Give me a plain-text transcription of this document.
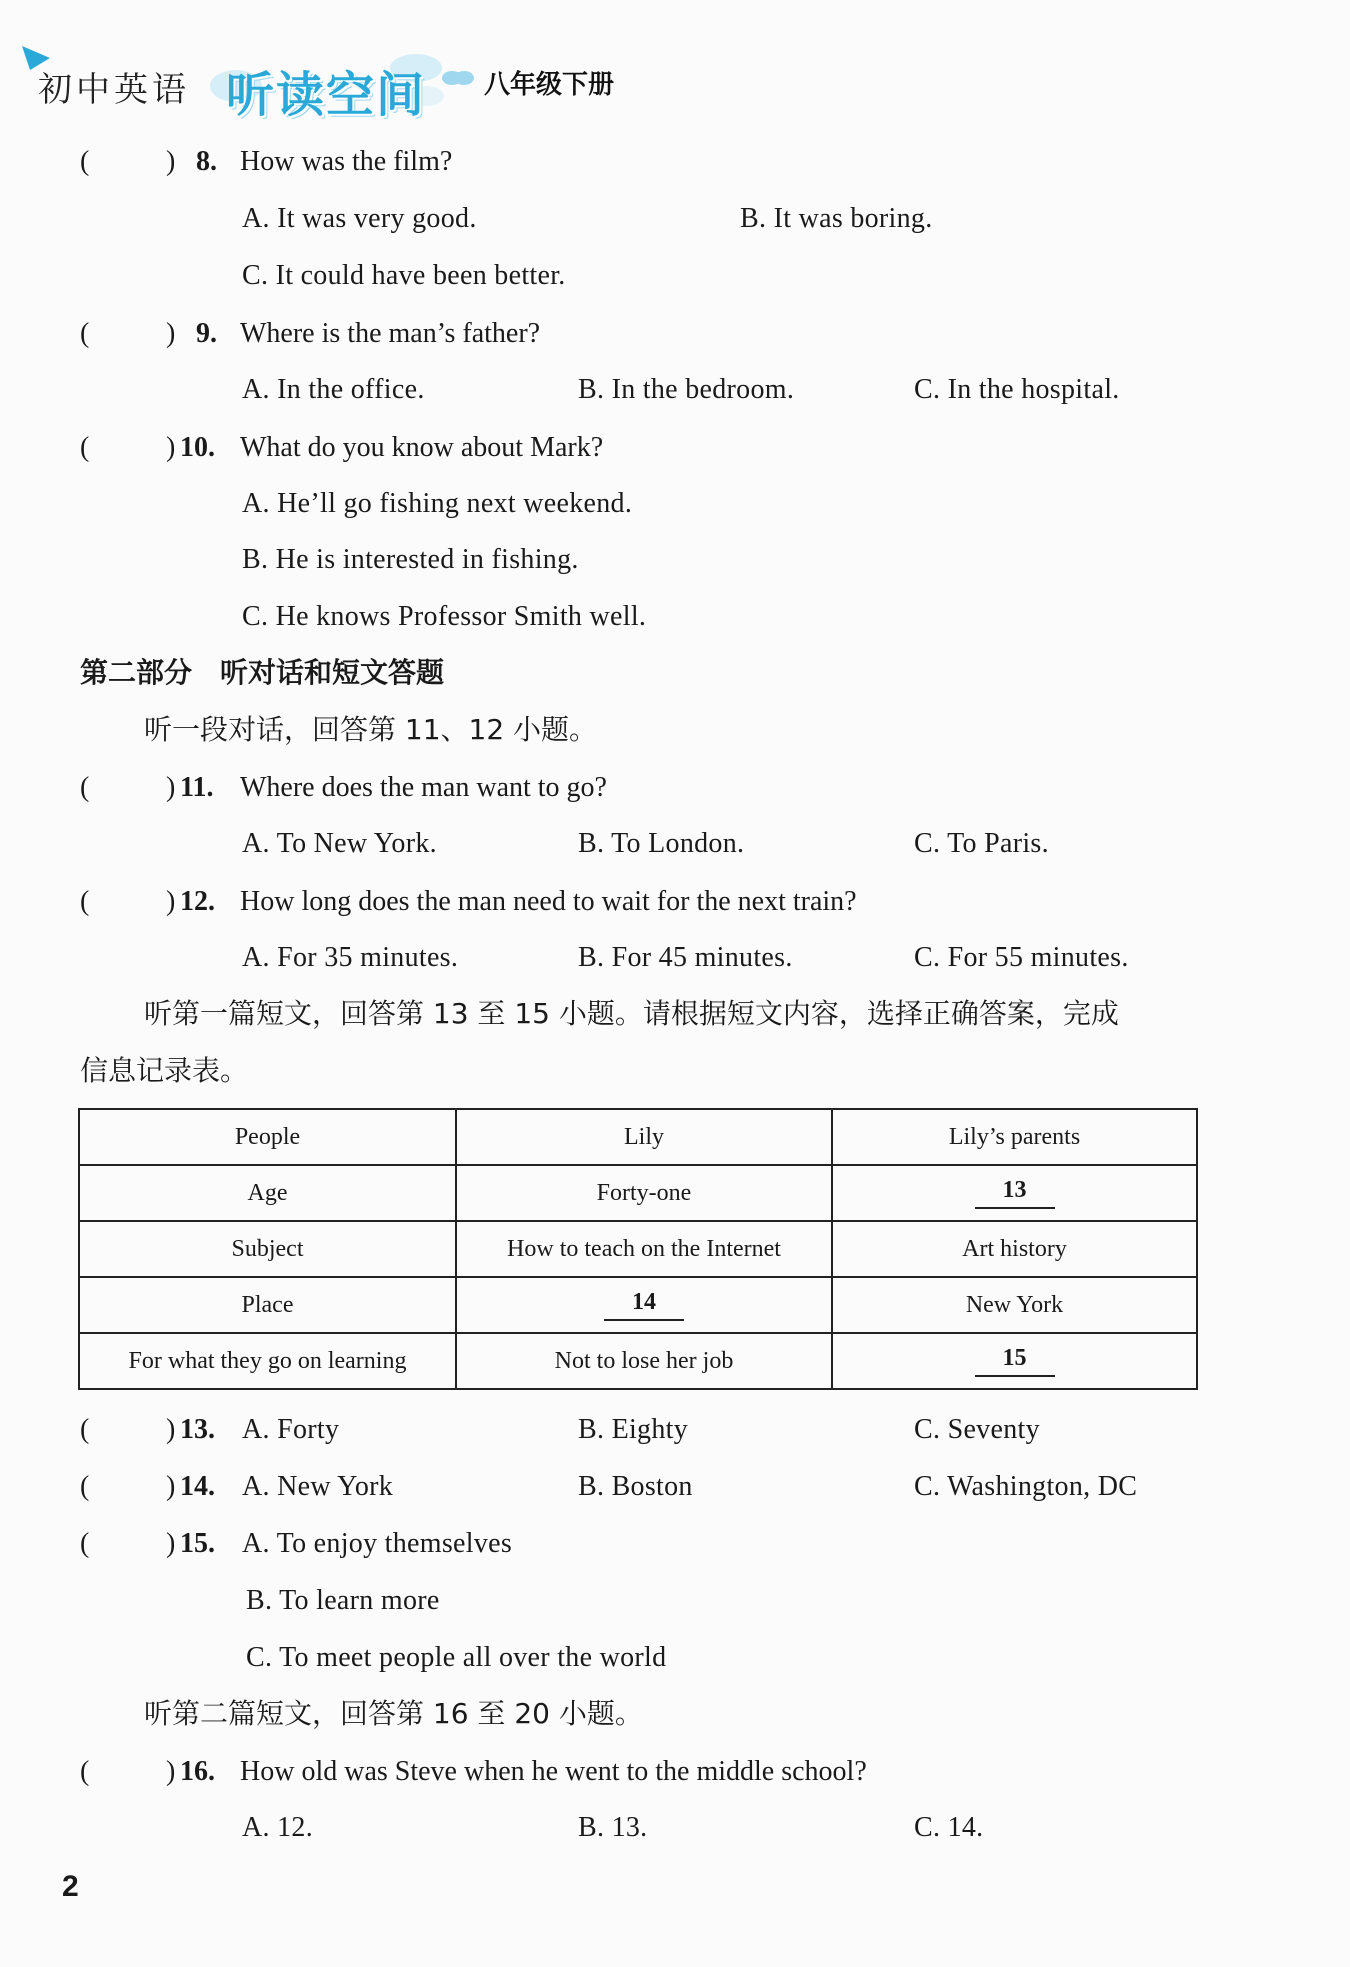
初中英语 听读空间 八年级下册
(	) 8. How was the film?
A. It was very good.	B. It was boring.
C. It could have been better.
(	) 9. Where is the man’s father?
A. In the office.	B. In the bedroom.	C. In the hospital.
(	) 10. What do you know about Mark?
A. He’ll go fishing next weekend.
B. He is interested in fishing.
C. He knows Professor Smith well.
第二部分　听对话和短文答题
听一段对话，回答第 11、12 小题。
(	) 11. Where does the man want to go?
A. To New York.	B. To London.	C. To Paris.
(	) 12. How long does the man need to wait for the next train?
A. For 35 minutes.	B. For 45 minutes.	C. For 55 minutes.
听第一篇短文，回答第 13 至 15 小题。请根据短文内容，选择正确答案，完成
信息记录表。
People	Lily	Lily’s parents
Age	Forty-one	13
Subject	How to teach on the Internet	Art history
Place	14	New York
For what they go on learning	Not to lose her job	15
(	) 13. A. Forty	B. Eighty	C. Seventy
(	) 14. A. New York	B. Boston	C. Washington, DC
(	) 15. A. To enjoy themselves
B. To learn more
C. To meet people all over the world
听第二篇短文，回答第 16 至 20 小题。
(	) 16. How old was Steve when he went to the middle school?
A. 12.	B. 13.	C. 14.
2
